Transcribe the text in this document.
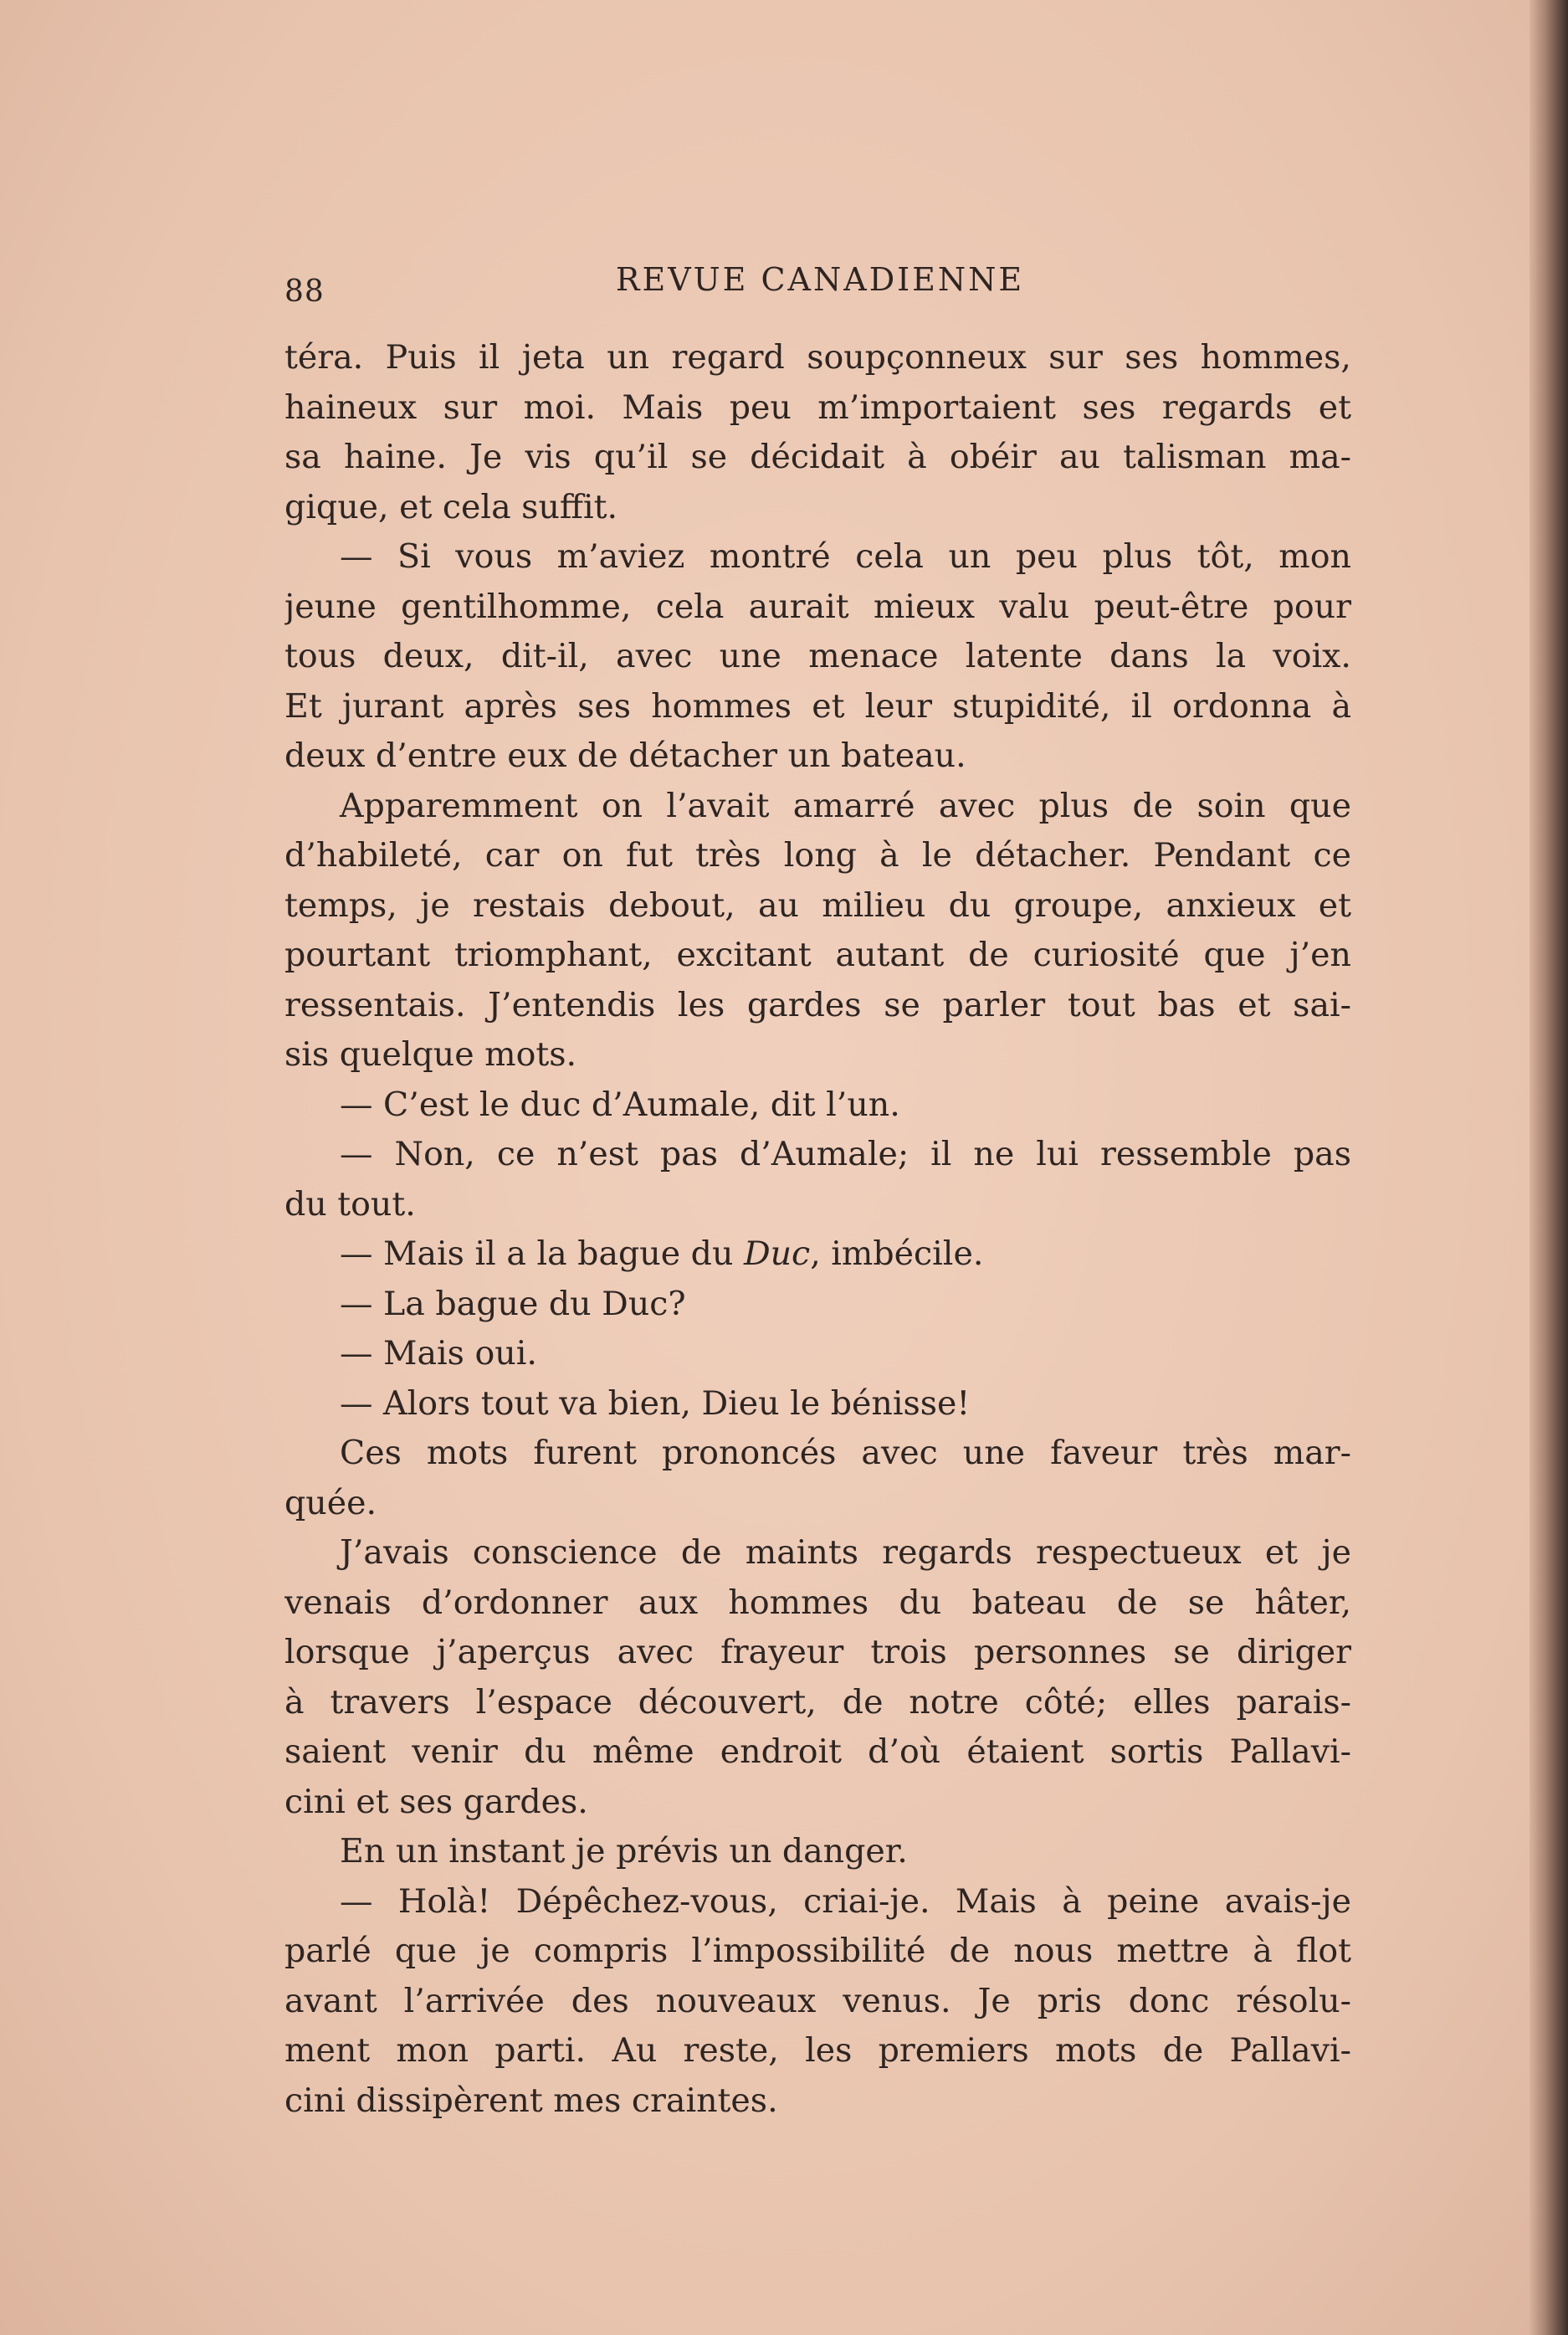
88	REVUE CANADIENNE
téra. Puis il jeta un regard soupçonneux sur ses hommes,
haineux sur moi. Mais peu m’importaient ses regards et
sa haine. Je vis qu’il se décidait à obéir au talisman ma-
gique, et cela suffit.
— Si vous m’aviez montré cela un peu plus tôt, mon
jeune gentilhomme, cela aurait mieux valu peut-être pour
tous deux, dit-il, avec une menace latente dans la voix.
Et jurant après ses hommes et leur stupidité, il ordonna à
deux d’entre eux de détacher un bateau.
Apparemment on l’avait amarré avec plus de soin que
d’habileté, car on fut très long à le détacher. Pendant ce
temps, je restais debout, au milieu du groupe, anxieux et
pourtant triomphant, excitant autant de curiosité que j’en
ressentais. J’entendis les gardes se parler tout bas et sai-
sis quelque mots.
— C’est le duc d’Aumale, dit l’un.
— Non, ce n’est pas d’Aumale; il ne lui ressemble pas
du tout.
— Mais il a la bague du Duc, imbécile.
— La bague du Duc?
— Mais oui.
— Alors tout va bien, Dieu le bénisse!
Ces mots furent prononcés avec une faveur très mar-
quée.
J’avais conscience de maints regards respectueux et je
venais d’ordonner aux hommes du bateau de se hâter,
lorsque j’aperçus avec frayeur trois personnes se diriger
à travers l’espace découvert, de notre côté; elles parais-
saient venir du même endroit d’où étaient sortis Pallavi-
cini et ses gardes.
En un instant je prévis un danger.
— Holà! Dépêchez-vous, criai-je. Mais à peine avais-je
parlé que je compris l’impossibilité de nous mettre à flot
avant l’arrivée des nouveaux venus. Je pris donc résolu-
ment mon parti. Au reste, les premiers mots de Pallavi-
cini dissipèrent mes craintes.
